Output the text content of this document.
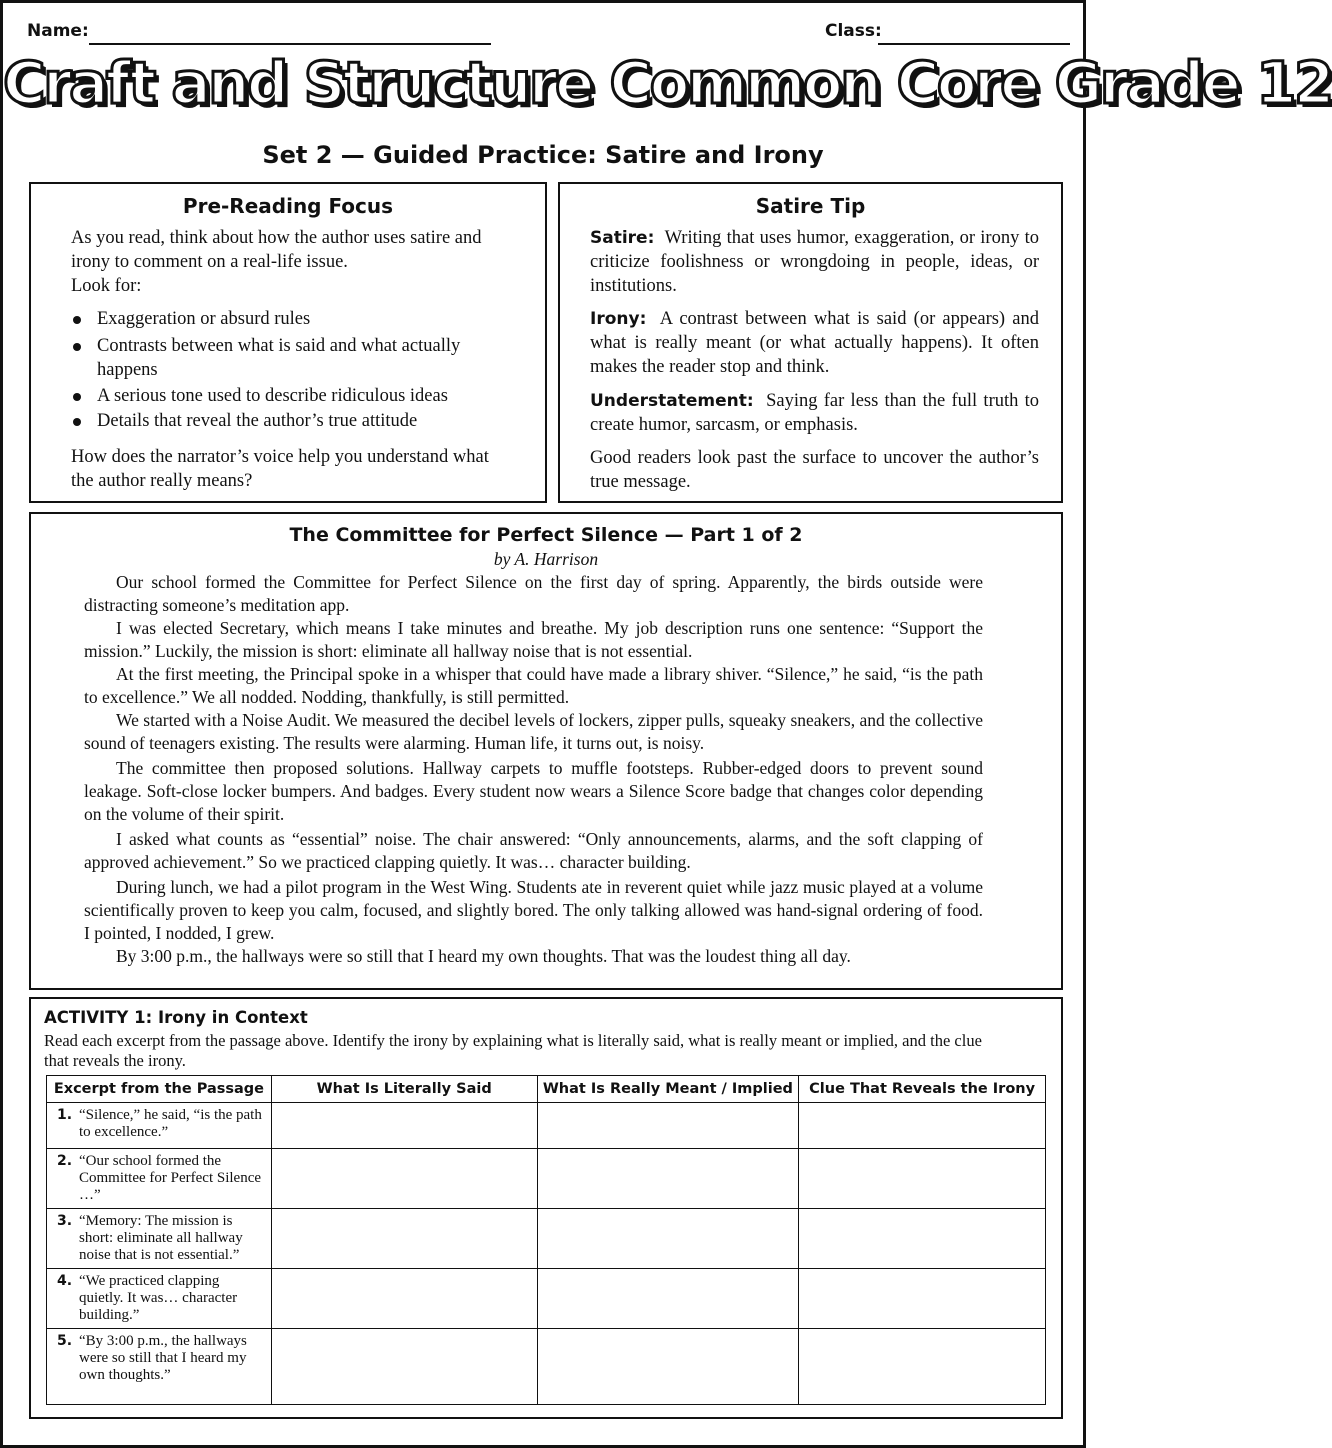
Name:	Class:
Craft and Structure Common Core Grade 12
Set 2 — Guided Practice: Satire and Irony
Pre-Reading Focus
As you read, think about how the author uses satire and irony to comment on a real-life issue.
Look for:
Exaggeration or absurd rules
Contrasts between what is said and what actually happens
A serious tone used to describe ridiculous ideas
Details that reveal the author’s true attitude
How does the narrator’s voice help you understand what the author really means?
Satire Tip
Satire: Writing that uses humor, exaggeration, or irony to criticize foolishness or wrongdoing in people, ideas, or institutions.
Irony: A contrast between what is said (or appears) and what is really meant (or what actually happens). It often makes the reader stop and think.
Understatement: Saying far less than the full truth to create humor, sarcasm, or emphasis.
Good readers look past the surface to uncover the author’s true message.
The Committee for Perfect Silence — Part 1 of 2
by A. Harrison

Our school formed the Committee for Perfect Silence on the first day of spring. Apparently, the birds outside were distracting someone’s meditation app.

I was elected Secretary, which means I take minutes and breathe. My job description runs one sentence: “Support the mission.” Luckily, the mission is short: eliminate all hallway noise that is not essential.

At the first meeting, the Principal spoke in a whisper that could have made a library shiver. “Silence,” he said, “is the path to excellence.” We all nodded. Nodding, thankfully, is still permitted.

We started with a Noise Audit. We measured the decibel levels of lockers, zipper pulls, squeaky sneakers, and the collective sound of teenagers existing. The results were alarming. Human life, it turns out, is noisy.

The committee then proposed solutions. Hallway carpets to muffle footsteps. Rubber-edged doors to prevent sound leakage. Soft-close locker bumpers. And badges. Every student now wears a Silence Score badge that changes color depending on the volume of their spirit.

I asked what counts as “essential” noise. The chair answered: “Only announcements, alarms, and the soft clapping of approved achievement.” So we practiced clapping quietly. It was… character building.

During lunch, we had a pilot program in the West Wing. Students ate in reverent quiet while jazz music played at a volume scientifically proven to keep you calm, focused, and slightly bored. The only talking allowed was hand-signal ordering of food. I pointed, I nodded, I grew.

By 3:00 p.m., the hallways were so still that I heard my own thoughts. That was the loudest thing all day.

ACTIVITY 1: Irony in Context
Read each excerpt from the passage above. Identify the irony by explaining what is literally said, what is really meant or implied, and the clue that reveals the irony.
Excerpt from the Passage	What Is Literally Said	What Is Really Meant / Implied	Clue That Reveals the Irony

1. “Silence,” he said, “is the path to excellence.”			

2. “Our school formed the Committee for Perfect Silence …”			

3. “Memory: The mission is short: eliminate all hallway noise that is not essential.”			

4. “We practiced clapping quietly. It was… character building.”			

5. “By 3:00 p.m., the hallways were so still that I heard my own thoughts.”			
